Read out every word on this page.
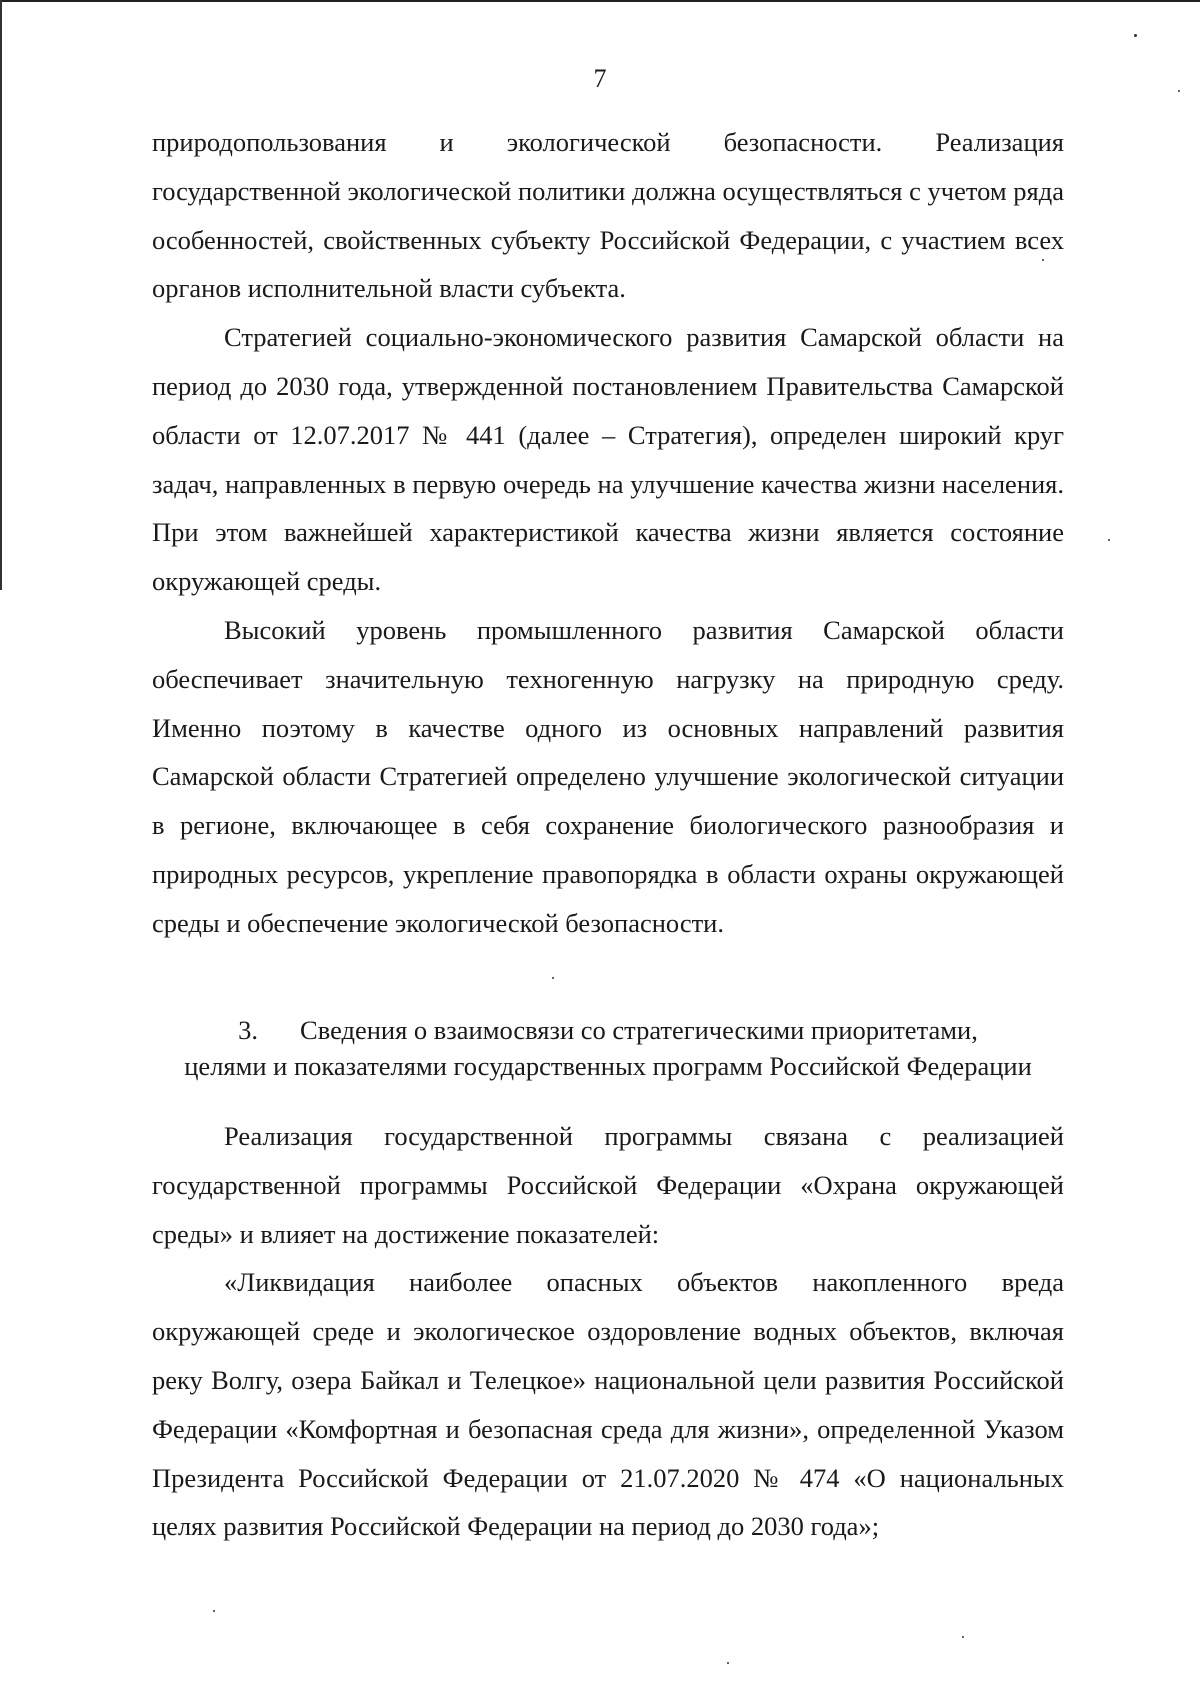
7

природопользования и экологической безопасности. Реализация государственной экологической политики должна осуществляться с учетом ряда особенностей, свойственных субъекту Российской Федерации, с участием всех органов исполнительной власти субъекта.

Стратегией социально-экономического развития Самарской области на период до 2030 года, утвержденной постановлением Правительства Самарской области от 12.07.2017 № 441 (далее – Стратегия), определен широкий круг задач, направленных в первую очередь на улучшение качества жизни населения. При этом важнейшей характеристикой качества жизни является состояние окружающей среды.

Высокий уровень промышленного развития Самарской области обеспечивает значительную техногенную нагрузку на природную среду. Именно поэтому в качестве одного из основных направлений развития Самарской области Стратегией определено улучшение экологической ситуации в регионе, включающее в себя сохранение биологического разнообразия и природных ресурсов, укрепление правопорядка в области охраны окружающей среды и обеспечение экологической безопасности.

3. Сведения о взаимосвязи со стратегическими приоритетами,
целями и показателями государственных программ Российской Федерации

Реализация государственной программы связана с реализацией государственной программы Российской Федерации «Охрана окружающей среды» и влияет на достижение показателей:

«Ликвидация наиболее опасных объектов накопленного вреда окружающей среде и экологическое оздоровление водных объектов, включая реку Волгу, озера Байкал и Телецкое» национальной цели развития Российской Федерации «Комфортная и безопасная среда для жизни», определенной Указом Президента Российской Федерации от 21.07.2020 № 474 «О национальных целях развития Российской Федерации на период до 2030 года»;
